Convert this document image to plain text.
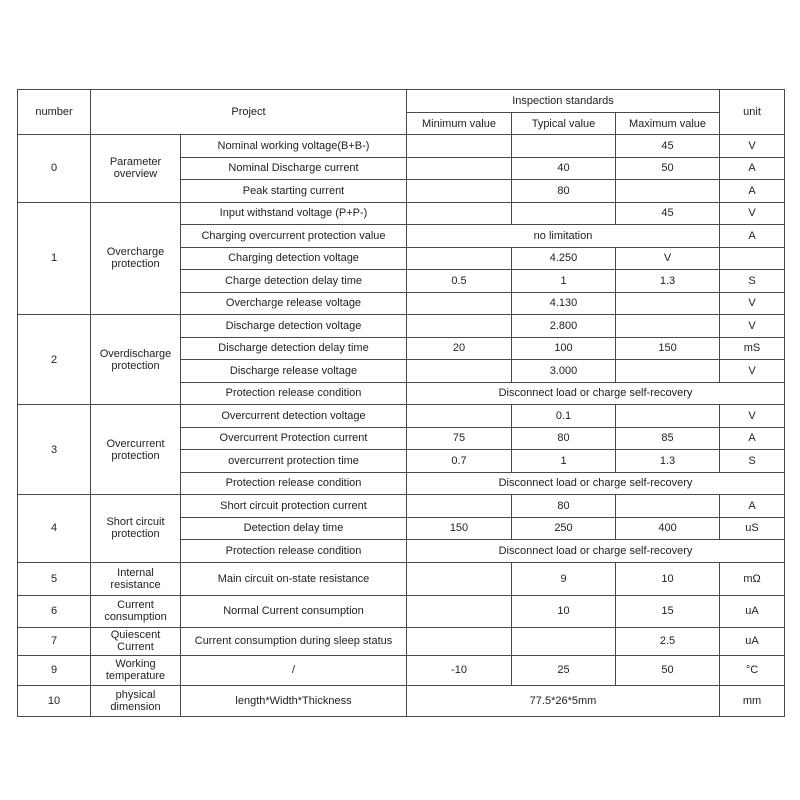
number	Project		Inspection standards			unit
			Minimum value	Typical value	Maximum value	
0	Parameter overview	Nominal working voltage(B+B-)			45	V
		Nominal Discharge current		40	50	A
		Peak starting current		80		A
1	Overcharge protection	Input withstand voltage (P+P-)			45	V
		Charging overcurrent protection value	no limitation			A
		Charging detection voltage		4.250	V	
		Charge detection delay time	0.5	1	1.3	S
		Overcharge release voltage		4.130		V
2	Overdischarge protection	Discharge detection voltage		2.800		V
		Discharge detection delay time	20	100	150	mS
		Discharge release voltage		3.000		V
		Protection release condition	Disconnect load or charge self-recovery			
3	Overcurrent protection	Overcurrent detection voltage		0.1		V
		Overcurrent Protection current	75	80	85	A
		overcurrent protection time	0.7	1	1.3	S
		Protection release condition	Disconnect load or charge self-recovery			
4	Short circuit protection	Short circuit protection current		80		A
		Detection delay time	150	250	400	uS
		Protection release condition	Disconnect load or charge self-recovery			
5	Internal resistance	Main circuit on-state resistance		9	10	mΩ
6	Current consumption	Normal Current consumption		10	15	uA
7	Quiescent Current	Current consumption during sleep status			2.5	uA
9	Working temperature	/	-10	25	50	°C
10	physical dimension	length*Width*Thickness	77.5*26*5mm			mm
